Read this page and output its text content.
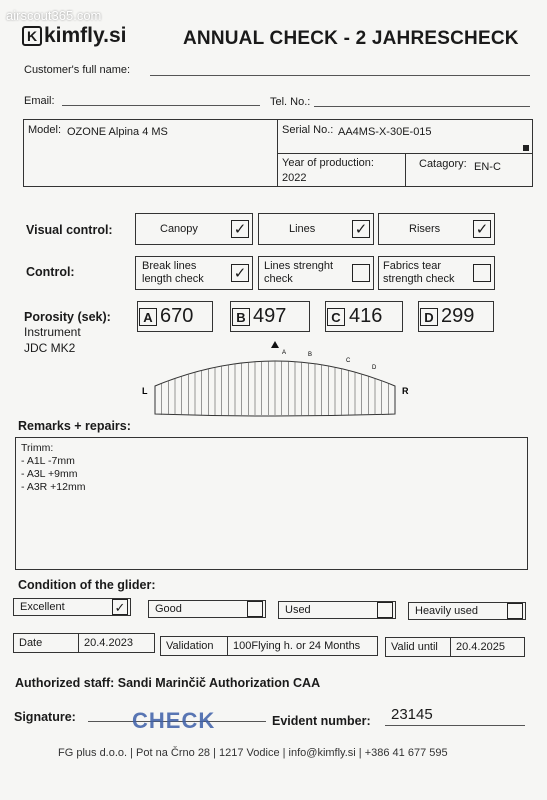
airscout365.com
K kimfly.si	ANNUAL CHECK - 2 JAHRESCHECK
Customer's full name:
Email:	Tel. No.:
Model: OZONE Alpina 4 MS	Serial No.: AA4MS-X-30E-015
Year of production:
2022
Catagory: EN-C
Visual control:	Canopy ✓	Lines	✓	Risers ✓
Control:	Break lines length check	✓ Lines strenght check
Fabrics tear strength check
Porosity (sek):
Instrument
JDC MK2
A 670	B 497	C 416	D 299
A	B
C
D
L	R
Remarks + repairs:
Trimm:
- A1L -7mm
- A3L +9mm
- A3R +12mm
Condition of the glider:
Excellent	✓	Good	Used	Heavily used
Date	20.4.2023	Validation	100Flying h. or 24 Months	Valid until	20.4.2025
Authorized staff: Sandi Marinčič Authorization CAA
Signature:	CHECK	Evident number: 23145
FG plus d.o.o. | Pot na Črno 28 | 1217 Vodice | info@kimfly.si | +386 41 677 595
